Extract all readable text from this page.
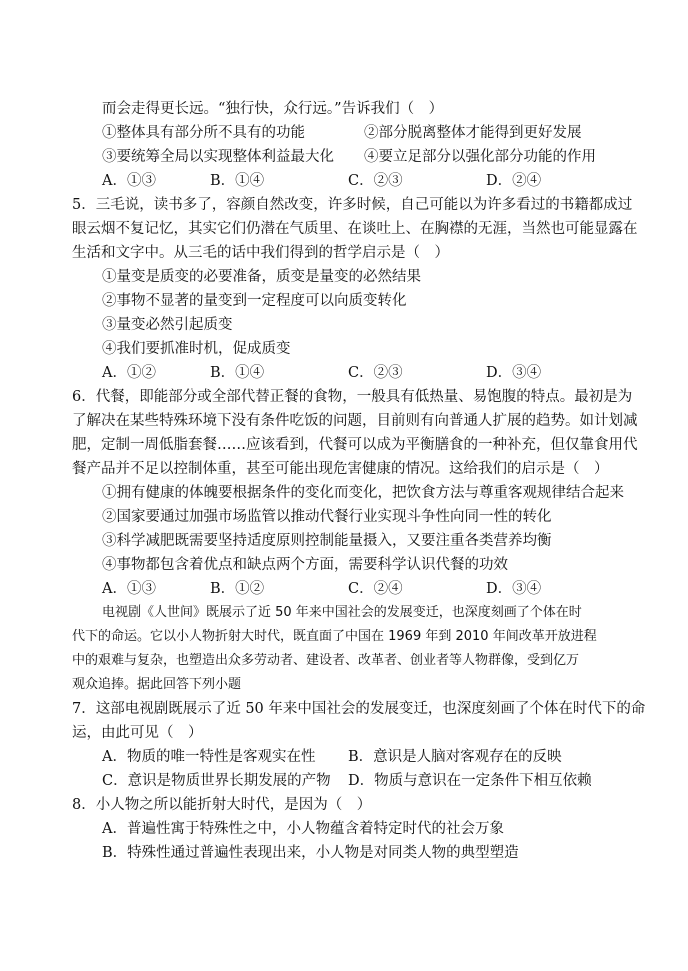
而会走得更长远。“独行快，众行远。”告诉我们（　）
①整体具有部分所不具有的功能	②部分脱离整体才能得到更好发展
③要统筹全局以实现整体利益最大化	④要立足部分以强化部分功能的作用
5．三毛说，读书多了，容颜自然改变，许多时候，自己可能以为许多看过的书籍都成过
眼云烟不复记忆，其实它们仍潜在气质里、在谈吐上、在胸襟的无涯，当然也可能显露在
生活和文字中。从三毛的话中我们得到的哲学启示是（　）
①量变是质变的必要准备，质变是量变的必然结果
②事物不显著的量变到一定程度可以向质变转化
③量变必然引起质变
④我们要抓准时机，促成质变
6．代餐，即能部分或全部代替正餐的食物，一般具有低热量、易饱腹的特点。最初是为
了解决在某些特殊环境下没有条件吃饭的问题，目前则有向普通人扩展的趋势。如计划减
肥，定制一周低脂套餐……应该看到，代餐可以成为平衡膳食的一种补充，但仅靠食用代
餐产品并不足以控制体重，甚至可能出现危害健康的情况。这给我们的启示是（　）
①拥有健康的体魄要根据条件的变化而变化，把饮食方法与尊重客观规律结合起来
②国家要通过加强市场监管以推动代餐行业实现斗争性向同一性的转化
③科学减肥既需要坚持适度原则控制能量摄入，又要注重各类营养均衡
④事物都包含着优点和缺点两个方面，需要科学认识代餐的功效
电视剧《人世间》既展示了近 50 年来中国社会的发展变迁，也深度刻画了个体在时
代下的命运。它以小人物折射大时代，既直面了中国在 1969 年到 2010 年间改革开放进程
中的艰难与复杂，也塑造出众多劳动者、建设者、改革者、创业者等人物群像，受到亿万
观众追捧。据此回答下列小题
7．这部电视剧既展示了近 50 年来中国社会的发展变迁，也深度刻画了个体在时代下的命
运，由此可见（　）
A．物质的唯一特性是客观实在性	B．意识是人脑对客观存在的反映
C．意识是物质世界长期发展的产物	D．物质与意识在一定条件下相互依赖
8．小人物之所以能折射大时代，是因为（　）
A．普遍性寓于特殊性之中，小人物蕴含着特定时代的社会万象
B．特殊性通过普遍性表现出来，小人物是对同类人物的典型塑造
A．①③	B．①④	C．②③	D．②④
A．①②	B．①④	C．②③	D．③④
A．①③	B．①②	C．②④	D．③④
